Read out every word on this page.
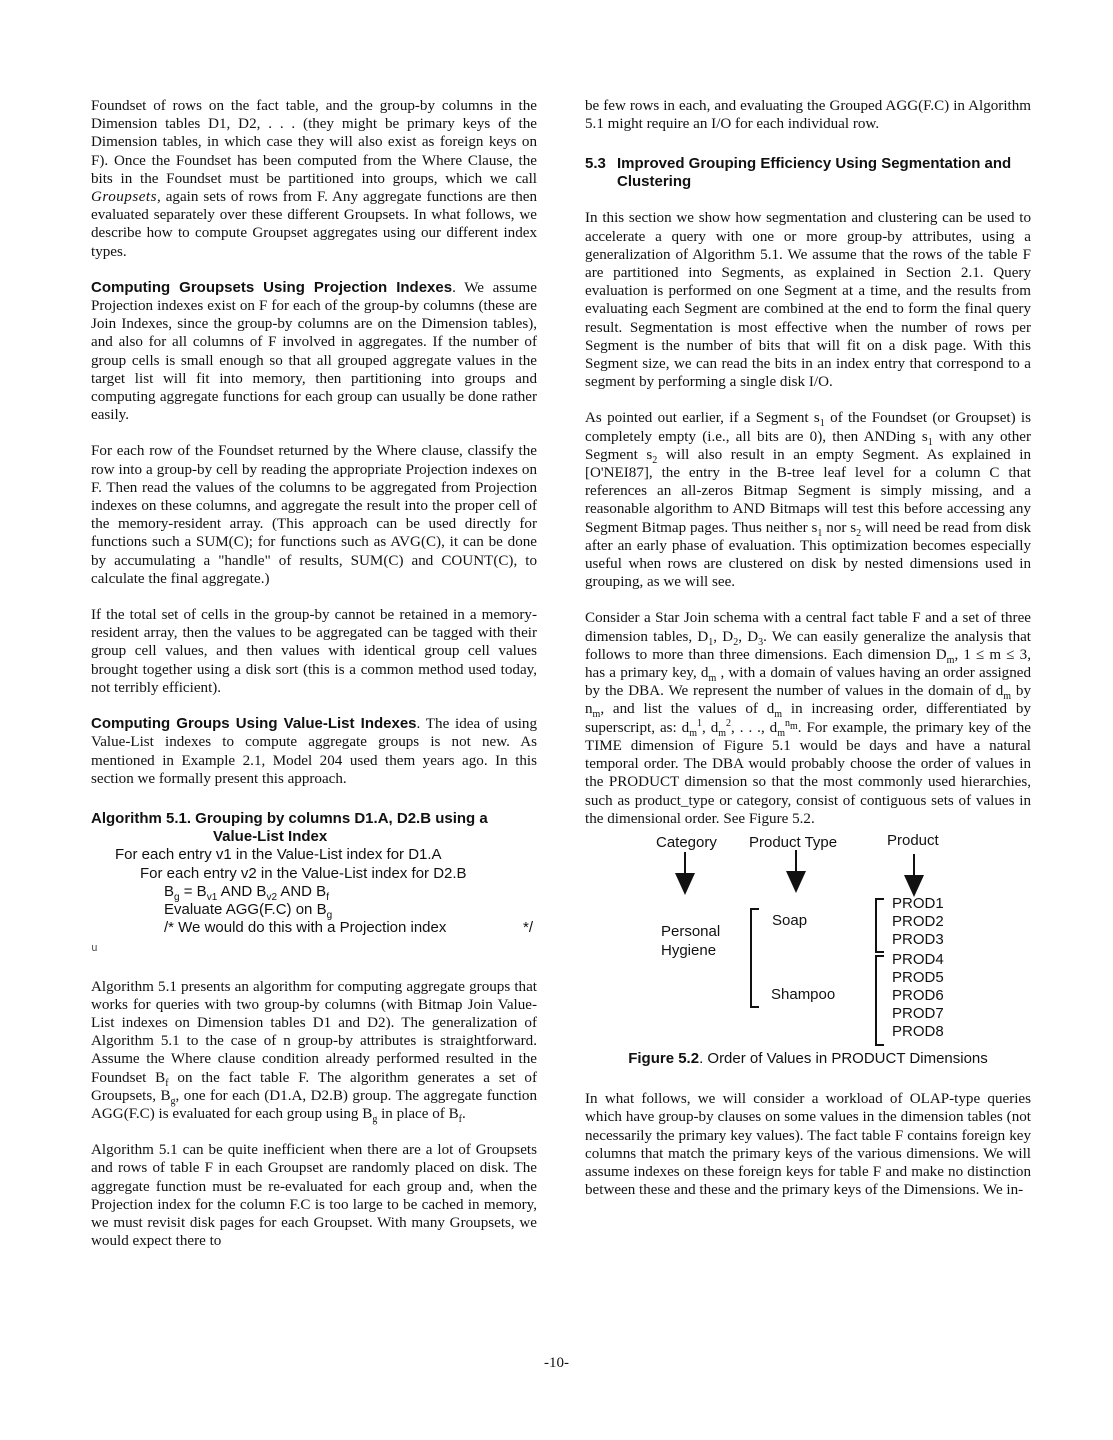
Foundset of rows on the fact table, and the group-by columns in the Dimension tables D1, D2, . . . (they might be primary keys of the Dimension tables, in which case they will also exist as foreign keys on F). Once the Foundset has been computed from the Where Clause, the bits in the Foundset must be partitioned into groups, which we call Groupsets, again sets of rows from F. Any aggregate functions are then evaluated separately over these different Groupsets. In what follows, we describe how to compute Groupset aggregates using our different index types.

Computing Groupsets Using Projection Indexes. We assume Projection indexes exist on F for each of the group-by columns (these are Join Indexes, since the group-by columns are on the Dimension tables), and also for all columns of F involved in aggregates. If the number of group cells is small enough so that all grouped aggregate values in the target list will fit into memory, then partitioning into groups and computing aggregate functions for each group can usually be done rather easily.

For each row of the Foundset returned by the Where clause, classify the row into a group-by cell by reading the appropriate Projection indexes on F. Then read the values of the columns to be aggregated from Projection indexes on these columns, and aggregate the result into the proper cell of the memory-resident array. (This approach can be used directly for functions such a SUM(C); for functions such as AVG(C), it can be done by accumulating a "handle" of results, SUM(C) and COUNT(C), to calculate the final aggregate.)

If the total set of cells in the group-by cannot be retained in a memory-resident array, then the values to be aggregated can be tagged with their group cell values, and then values with identical group cell values brought together using a disk sort (this is a common method used today, not terribly efficient).

Computing Groups Using Value-List Indexes. The idea of using Value-List indexes to compute aggregate groups is not new. As mentioned in Example 2.1, Model 204 used them years ago. In this section we formally present this approach.

Algorithm 5.1. Grouping by columns D1.A, D2.B using a
Value-List Index
For each entry v1 in the Value-List index for D1.A
For each entry v2 in the Value-List index for D2.B
$B_g = B_{v1}$ AND $B_{v2}$ AND $B_f$
Evaluate AGG(F.C) on $B_g$
/* We would do this with a Projection index	*/
u

Algorithm 5.1 presents an algorithm for computing aggregate groups that works for queries with two group-by columns (with Bitmap Join Value-List indexes on Dimension tables D1 and D2). The generalization of Algorithm 5.1 to the case of n group-by attributes is straightforward. Assume the Where clause condition already performed resulted in the Foundset $B_f$ on the fact table F. The algorithm generates a set of Groupsets, $B_g$, one for each (D1.A, D2.B) group. The aggregate function AGG(F.C) is evaluated for each group using $B_g$ in place of $B_f$.

Algorithm 5.1 can be quite inefficient when there are a lot of Groupsets and rows of table F in each Groupset are randomly placed on disk. The aggregate function must be re-evaluated for each group and, when the Projection index for the column F.C is too large to be cached in memory, we must revisit disk pages for each Groupset. With many Groupsets, we would expect there to

be few rows in each, and evaluating the Grouped AGG(F.C) in Algorithm 5.1 might require an I/O for each individual row.

5.3 Improved Grouping Efficiency Using Segmentation and Clustering

In this section we show how segmentation and clustering can be used to accelerate a query with one or more group-by attributes, using a generalization of Algorithm 5.1. We assume that the rows of the table F are partitioned into Segments, as explained in Section 2.1. Query evaluation is performed on one Segment at a time, and the results from evaluating each Segment are combined at the end to form the final query result. Segmentation is most effective when the number of rows per Segment is the number of bits that will fit on a disk page. With this Segment size, we can read the bits in an index entry that correspond to a segment by performing a single disk I/O.

As pointed out earlier, if a Segment $s_1$ of the Foundset (or Groupset) is completely empty (i.e., all bits are 0), then ANDing $s_1$ with any other Segment $s_2$ will also result in an empty Segment. As explained in [O'NEI87], the entry in the B-tree leaf level for a column C that references an all-zeros Bitmap Segment is simply missing, and a reasonable algorithm to AND Bitmaps will test this before accessing any Segment Bitmap pages. Thus neither $s_1$ nor $s_2$ will need be read from disk after an early phase of evaluation. This optimization becomes especially useful when rows are clustered on disk by nested dimensions used in grouping, as we will see.

Consider a Star Join schema with a central fact table F and a set of three dimension tables, $D_1$, $D_2$, $D_3$. We can easily generalize the analysis that follows to more than three dimensions. Each dimension $D_m$, 1 ≤ m ≤ 3, has a primary key, $d_m$ , with a domain of values having an order assigned by the DBA. We represent the number of values in the domain of $d_m$ by $n_m$, and list the values of $d_m$ in increasing order, differentiated by superscript, as: $d_m^1$, $d_m^2$, . . ., $d_m^{n_m}$. For example, the primary key of the TIME dimension of Figure 5.1 would be days and have a natural temporal order. The DBA would probably choose the order of values in the PRODUCT dimension so that the most commonly used hierarchies, such as product_type or category, consist of contiguous sets of values in the dimensional order. See Figure 5.2.

Category Product Type	Product
Personal
Hygiene
Soap
Shampoo
PROD1
PROD2
PROD3
PROD4
PROD5
PROD6
PROD7
PROD8
Figure 5.2. Order of Values in PRODUCT Dimensions

In what follows, we will consider a workload of OLAP-type queries which have group-by clauses on some values in the dimension tables (not necessarily the primary key values). The fact table F contains foreign key columns that match the primary keys of the various dimensions. We will assume indexes on these foreign keys for table F and make no distinction between these and these and the primary keys of the Dimensions. We in-

-10-
